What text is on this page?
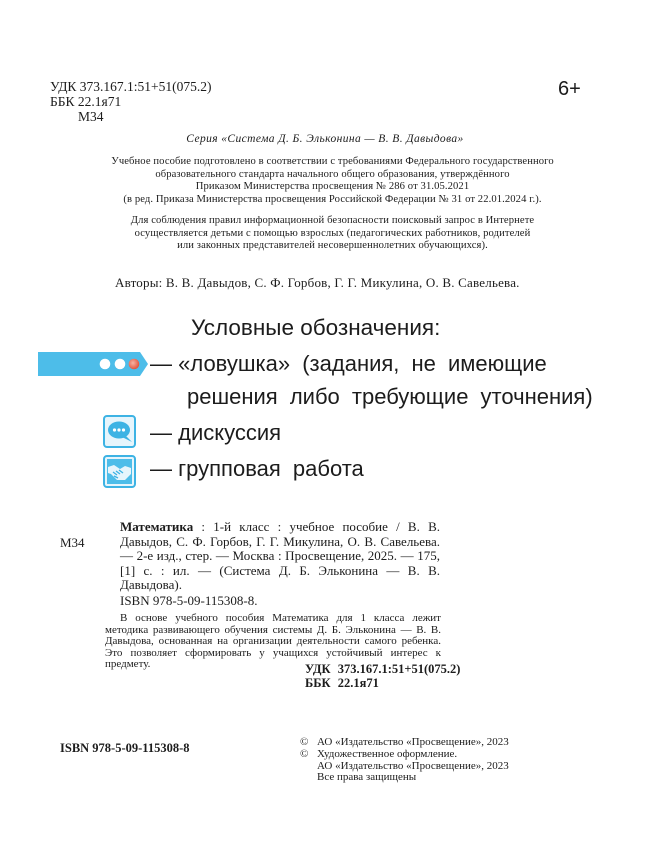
УДК 373.167.1:51+51(075.2)
ББК 22.1я71
М34
6+
Серия «Система Д. Б. Эльконина — В. В. Давыдова»
Учебное пособие подготовлено в соответствии с требованиями Федерального государственного
образовательного стандарта начального общего образования, утверждённого
Приказом Министерства просвещения № 286 от 31.05.2021
(в ред. Приказа Министерства просвещения Российской Федерации № 31 от 22.01.2024 г.).
Для соблюдения правил информационной безопасности поисковый запрос в Интернете
осуществляется детьми с помощью взрослых (педагогических работников, родителей
или законных представителей несовершеннолетних обучающихся).
Авторы: В. В. Давыдов, С. Ф. Горбов, Г. Г. Микулина, О. В. Савельева.
Условные обозначения:
— «ловушка» (задания, не имеющие
решения либо требующие уточнения)
— дискуссия
— групповая работа
М34
Математика : 1-й класс : учебное пособие / В. В. Давыдов, С. Ф. Горбов, Г. Г. Микулина, О. В. Савельева. — 2-е изд., стер. — Москва : Просвещение, 2025. — 175, [1] с. : ил. — (Система Д. Б. Эльконина — В. В. Давыдова).
ISBN 978-5-09-115308-8.
В основе учебного пособия Математика для 1 класса лежит методика развивающего обучения системы Д. Б. Эльконина — В. В. Давыдова, основанная на организации деятельности самого ребенка. Это позволяет сформировать у учащихся устойчивый интерес к предмету.	УДК 373.167.1:51+51(075.2)
ББК 22.1я71
ISBN 978-5-09-115308-8	© АО «Издательство «Просвещение», 2023
© Художественное оформление.
АО «Издательство «Просвещение», 2023
Все права защищены
